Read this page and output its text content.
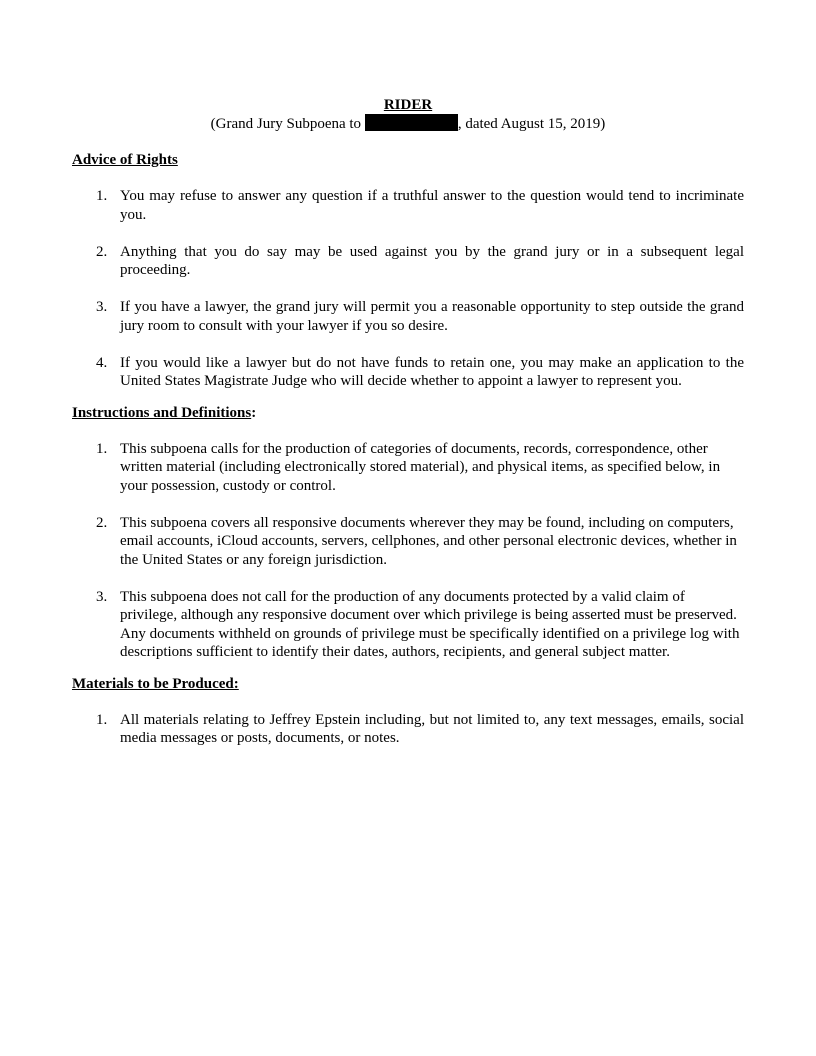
RIDER
(Grand Jury Subpoena to	, dated August 15, 2019)
Advice of Rights
1. You may refuse to answer any question if a truthful answer to the question would tend to incriminate you.
2. Anything that you do say may be used against you by the grand jury or in a subsequent legal proceeding.
3. If you have a lawyer, the grand jury will permit you a reasonable opportunity to step outside the grand jury room to consult with your lawyer if you so desire.
4. If you would like a lawyer but do not have funds to retain one, you may make an application to the United States Magistrate Judge who will decide whether to appoint a lawyer to represent you.
Instructions and Definitions:
1. This subpoena calls for the production of categories of documents, records, correspondence, other written material (including electronically stored material), and physical items, as specified below, in your possession, custody or control.
2. This subpoena covers all responsive documents wherever they may be found, including on computers, email accounts, iCloud accounts, servers, cellphones, and other personal electronic devices, whether in the United States or any foreign jurisdiction.
3. This subpoena does not call for the production of any documents protected by a valid claim of privilege, although any responsive document over which privilege is being asserted must be preserved. Any documents withheld on grounds of privilege must be specifically identified on a privilege log with descriptions sufficient to identify their dates, authors, recipients, and general subject matter.
Materials to be Produced:
1. All materials relating to Jeffrey Epstein including, but not limited to, any text messages, emails, social media messages or posts, documents, or notes.
